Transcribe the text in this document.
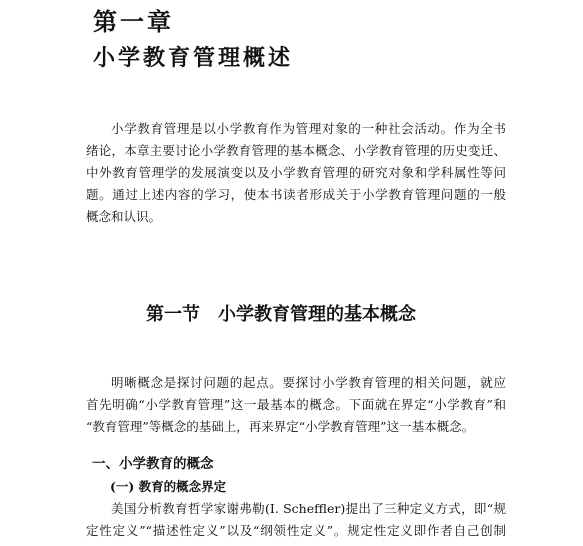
第一章
小学教育管理概述

小学教育管理是以小学教育作为管理对象的一种社会活动。作为全书
绪论，本章主要讨论小学教育管理的基本概念、小学教育管理的历史变迁、
中外教育管理学的发展演变以及小学教育管理的研究对象和学科属性等问
题。通过上述内容的学习，使本书读者形成关于小学教育管理问题的一般
概念和认识。

第一节 小学教育管理的基本概念

明晰概念是探讨问题的起点。要探讨小学教育管理的相关问题，就应
首先明确“小学教育管理”这一最基本的概念。下面就在界定“小学教育”和
“教育管理”等概念的基础上，再来界定“小学教育管理”这一基本概念。

一、小学教育的概念
(一) 教育的概念界定

美国分析教育哲学家谢弗勒(I. Scheffler)提出了三种定义方式，即“规
定性定义”“描述性定义”以及“纲领性定义”。规定性定义即作者自己创制
